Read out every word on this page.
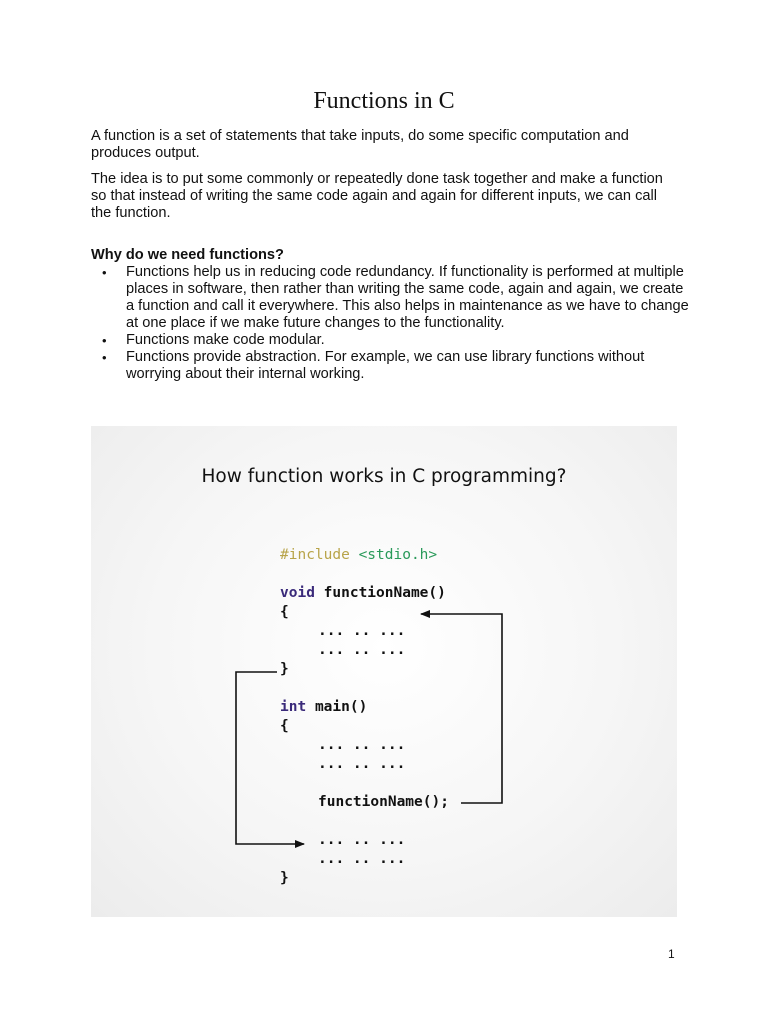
Functions in C

A function is a set of statements that take inputs, do some specific computation and produces output.

The idea is to put some commonly or repeatedly done task together and make a function so that instead of writing the same code again and again for different inputs, we can call the function.

Why do we need functions?
• Functions help us in reducing code redundancy. If functionality is performed at multiple places in software, then rather than writing the same code, again and again, we create a function and call it everywhere. This also helps in maintenance as we have to change at one place if we make future changes to the functionality.
• Functions make code modular.
• Functions provide abstraction. For example, we can use library functions without worrying about their internal working.
How function works in C programming?
#include <stdio.h>
void functionName()
{
... .. ...
... .. ...
}
int main()
{
... .. ...
... .. ...
functionName();
... .. ...
... .. ...
}
1
